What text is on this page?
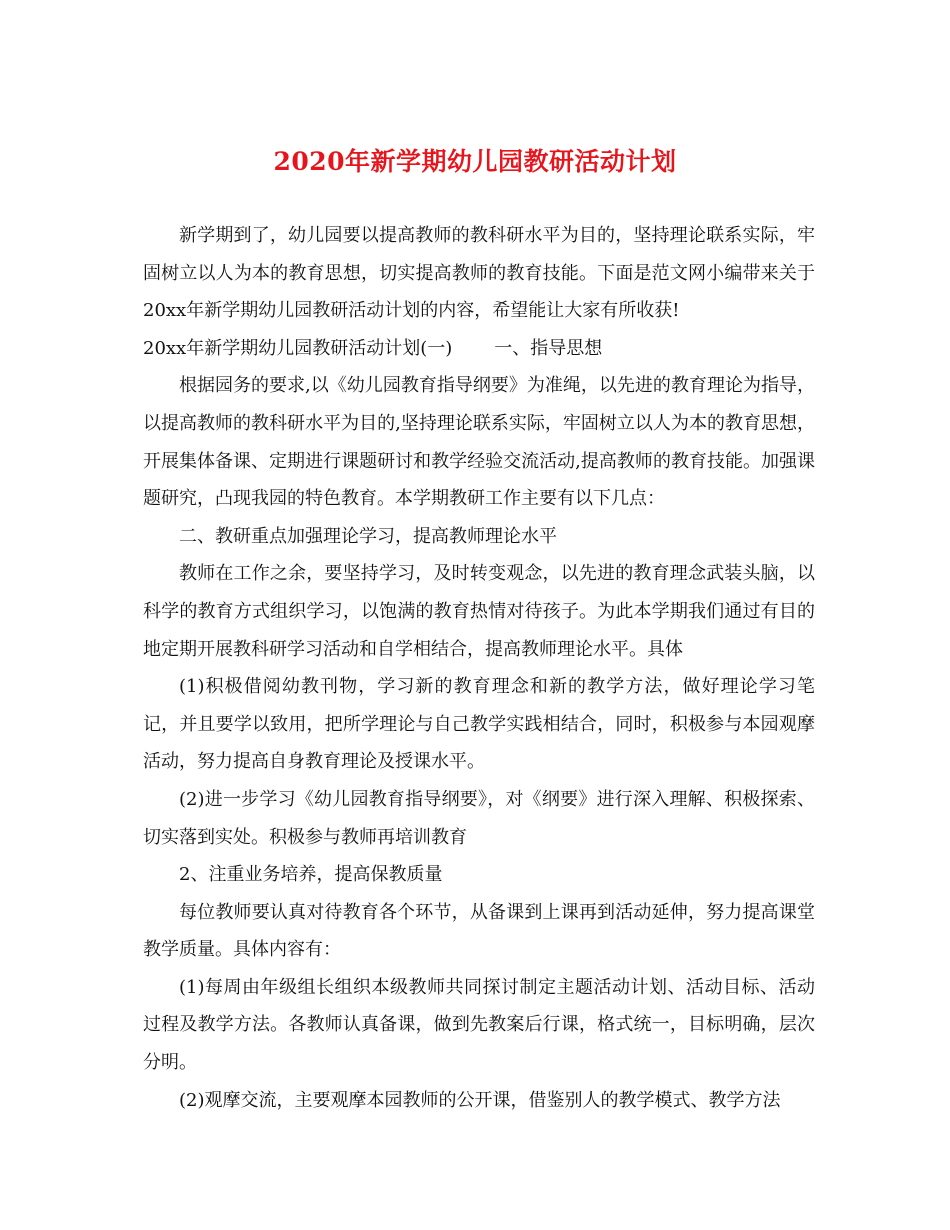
2020年新学期幼儿园教研活动计划

新学期到了，幼儿园要以提高教师的教科研水平为目的，坚持理论联系实际，牢固树立以人为本的教育思想，切实提高教师的教育技能。下面是范文网小编带来关于20xx年新学期幼儿园教研活动计划的内容，希望能让大家有所收获!

20xx年新学期幼儿园教研活动计划(一) 一、指导思想

根据园务的要求,以《幼儿园教育指导纲要》为准绳，以先进的教育理论为指导，以提高教师的教科研水平为目的,坚持理论联系实际，牢固树立以人为本的教育思想，开展集体备课、定期进行课题研讨和教学经验交流活动,提高教师的教育技能。加强课题研究，凸现我园的特色教育。本学期教研工作主要有以下几点：

二、教研重点加强理论学习，提高教师理论水平

教师在工作之余，要坚持学习，及时转变观念，以先进的教育理念武装头脑，以科学的教育方式组织学习，以饱满的教育热情对待孩子。为此本学期我们通过有目的地定期开展教科研学习活动和自学相结合，提高教师理论水平。具体

(1)积极借阅幼教刊物，学习新的教育理念和新的教学方法，做好理论学习笔记，并且要学以致用，把所学理论与自己教学实践相结合，同时，积极参与本园观摩活动，努力提高自身教育理论及授课水平。

(2)进一步学习《幼儿园教育指导纲要》，对《纲要》进行深入理解、积极探索、切实落到实处。积极参与教师再培训教育

2、注重业务培养，提高保教质量

每位教师要认真对待教育各个环节，从备课到上课再到活动延伸，努力提高课堂教学质量。具体内容有：

(1)每周由年级组长组织本级教师共同探讨制定主题活动计划、活动目标、活动过程及教学方法。各教师认真备课，做到先教案后行课，格式统一，目标明确，层次分明。

(2)观摩交流，主要观摩本园教师的公开课，借鉴别人的教学模式、教学方法
